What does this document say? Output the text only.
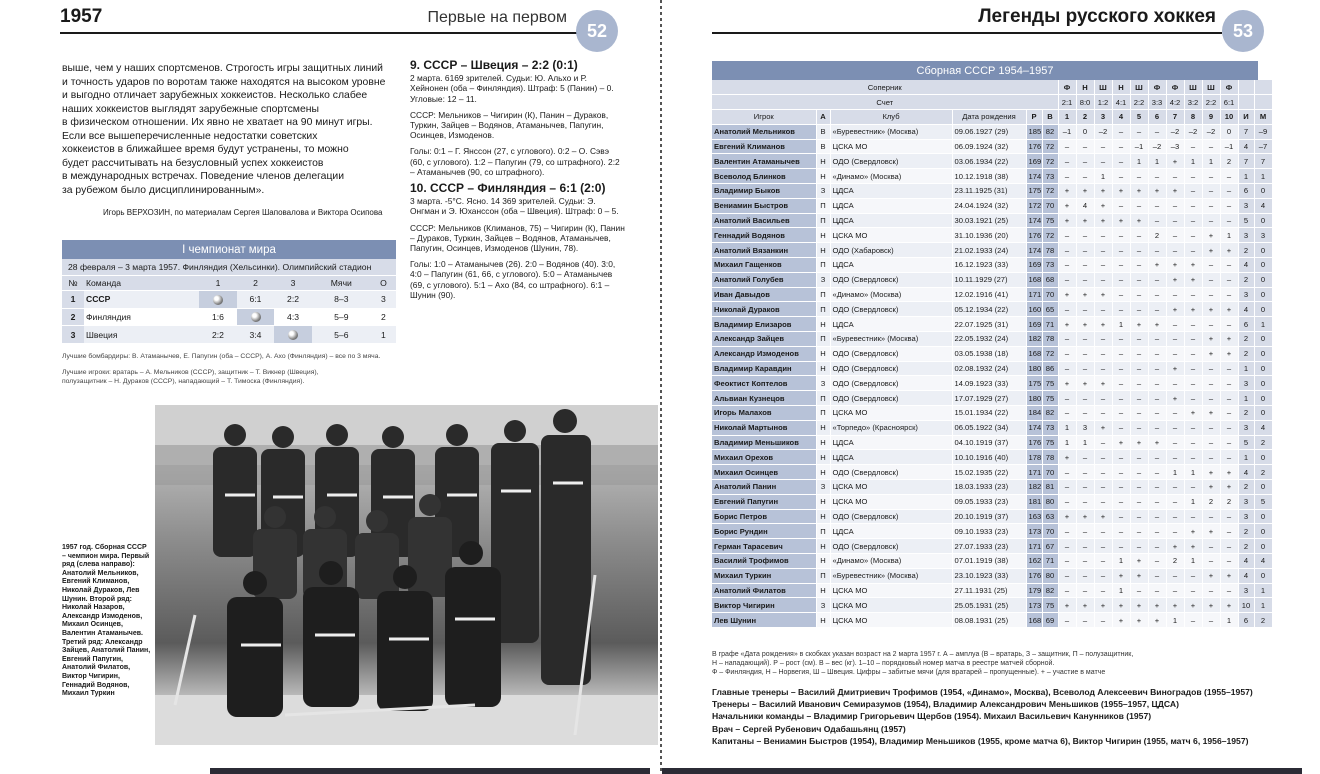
1957	Первые на первом
52

выше, чем у наших спортсменов. Строгость игры защитных линий

и точность ударов по воротам также находятся на высоком уровне

и выгодно отличает зарубежных хоккеистов. Несколько слабее

наших хоккеистов выглядят зарубежные спортсмены

в физическом отношении. Их явно не хватает на 90 минут игры.

Если все вышеперечисленные недостатки советских

хоккеистов в ближайшее время будут устранены, то можно

будет рассчитывать на безусловный успех хоккеистов

в международных встречах. Поведение членов делегации

за рубежом было дисциплинированным».

Игорь ВЕРХОЗИН, по материалам Сергея Шаповалова и Виктора Осипова
9. СССР – Швеция – 2:2 (0:1)

2 марта. 6169 зрителей. Судьи: Ю. Альхо и Р. Хейнонен (оба – Финляндия). Штраф: 5 (Панин) – 0. Угловые: 12 – 11.

СССР: Мельников – Чигирин (К), Панин – Дураков, Туркин, Зайцев – Водянов, Атаманычев, Папугин, Осинцев, Измоденов.

Голы: 0:1 – Г. Янссон (27, с углового). 0:2 – О. Сэвэ (60, с углового). 1:2 – Папугин (79, со штрафного). 2:2 – Атаманычев (90, со штрафного).

10. СССР – Финляндия – 6:1 (2:0)

3 марта. -5°С. Ясно. 14 369 зрителей. Судьи: Э. Онгман и Э. Юхансcон (оба – Швеция). Штраф: 0 – 5.

СССР: Мельников (Климанов, 75) – Чигирин (К), Панин – Дураков, Туркин, Зайцев – Водянов, Атаманычев, Папугин, Осинцев, Измоденов (Шунин, 78).

Голы: 1:0 – Атаманычев (26). 2:0 – Водянов (40). 3:0, 4:0 – Папугин (61, 66, с углового). 5:0 – Атаманычев (69, с углового). 5:1 – Ахо (84, со штрафного). 6:1 – Шунин (90).

I чемпионат мира
28 февраля – 3 марта 1957. Финляндия (Хельсинки). Олимпийский стадион
№	Команда	1	2	3	Мячи	О
1	СССР		6:1	2:2	8–3	3
2	Финляндия	1:6		4:3	5–9	2
3	Швеция	2:2	3:4		5–6	1
Лучшие бомбардиры: В. Атаманычев, Е. Папугин (оба – СССР), А. Ахо (Финляндия) – все по 3 мяча.
Лучшие игроки: вратарь – А. Мельников (СССР), защитник – Т. Викнер (Швеция), полузащитник – Н. Дураков (СССР), нападающий – Т. Тимоска (Финляндия).
1957 год. Сборная СССР – чемпион мира. Первый ряд (слева направо): Анатолий Мельников, Евгений Климанов, Николай Дураков, Лев Шунин. Второй ряд: Николай Назаров, Александр Измоденов, Михаил Осинцев, Валентин Атаманычев. Третий ряд: Александр Зайцев, Анатолий Панин, Евгений Папугин, Анатолий Филатов, Виктор Чигирин, Геннадий Водянов, Михаил Туркин
Легенды русского хоккея
53
Сборная СССР 1954–1957
Соперник						Ф	Н	Ш	Н	Ш	Ф	Ф	Ш	Ш	Ф		
Счет						2:1	8:0	1:2	4:1	2:2	3:3	4:2	3:2	2:2	6:1		
Игрок	А	Клуб	Дата рождения	Р	В	1	2	3	4	5	6	7	8	9	10	И	М
Анатолий Мельников	В	«Буревестник» (Москва)	09.06.1927 (29)	185	82	–1	0	–2	–	–	–	–2	–2	–2	0	7	–9
Евгений Климанов	В	ЦСКА МО	06.09.1924 (32)	176	72	–	–	–	–	–1	–2	–3	–	–	–1	4	–7
Валентин Атаманычев	Н	ОДО (Свердловск)	03.06.1934 (22)	169	72	–	–	–	–	1	1	+	1	1	2	7	7
Всеволод Блинков	Н	«Динамо» (Москва)	10.12.1918 (38)	174	73	–	–	1	–	–	–	–	–	–	–	1	1
Владимир Быков	З	ЦДСА	23.11.1925 (31)	175	72	+	+	+	+	+	+	+	–	–	–	6	0
Вениамин Быстров	П	ЦДСА	24.04.1924 (32)	172	70	+	4	+	–	–	–	–	–	–	–	3	4
Анатолий Васильев	П	ЦДСА	30.03.1921 (25)	174	75	+	+	+	+	+	–	–	–	–	–	5	0
Геннадий Водянов	Н	ЦСКА МО	31.10.1936 (20)	176	72	–	–	–	–	–	2	–	–	+	1	3	3
Анатолий Вязанкин	Н	ОДО (Хабаровск)	21.02.1933 (24)	174	78	–	–	–	–	–	–	–	–	+	+	2	0
Михаил Гащенков	П	ЦДСА	16.12.1923 (33)	169	73	–	–	–	–	–	+	+	+	–	–	4	0
Анатолий Голубев	З	ОДО (Свердловск)	10.11.1929 (27)	168	68	–	–	–	–	–	–	+	+	–	–	2	0
Иван Давыдов	П	«Динамо» (Москва)	12.02.1916 (41)	171	70	+	+	+	–	–	–	–	–	–	–	3	0
Николай Дураков	П	ОДО (Свердловск)	05.12.1934 (22)	160	65	–	–	–	–	–	–	+	+	+	+	4	0
Владимир Елизаров	Н	ЦДСА	22.07.1925 (31)	169	71	+	+	+	1	+	+	–	–	–	–	6	1
Александр Зайцев	П	«Буревестник» (Москва)	22.05.1932 (24)	182	78	–	–	–	–	–	–	–	–	+	+	2	0
Александр Измоденов	Н	ОДО (Свердловск)	03.05.1938 (18)	168	72	–	–	–	–	–	–	–	–	+	+	2	0
Владимир Каравдин	Н	ОДО (Свердловск)	02.08.1932 (24)	180	86	–	–	–	–	–	–	+	–	–	–	1	0
Феоктист Коптелов	З	ОДО (Свердловск)	14.09.1923 (33)	175	75	+	+	+	–	–	–	–	–	–	–	3	0
Альвиан Кузнецов	П	ОДО (Свердловск)	17.07.1929 (27)	180	75	–	–	–	–	–	–	+	–	–	–	1	0
Игорь Малахов	П	ЦСКА МО	15.01.1934 (22)	184	82	–	–	–	–	–	–	–	+	+	–	2	0
Николай Мартынов	Н	«Торпедо» (Красноярск)	06.05.1922 (34)	174	73	1	3	+	–	–	–	–	–	–	–	3	4
Владимир Меньшиков	Н	ЦДСА	04.10.1919 (37)	176	75	1	1	–	+	+	+	–	–	–	–	5	2
Михаил Орехов	Н	ЦДСА	10.10.1916 (40)	178	78	+	–	–	–	–	–	–	–	–	–	1	0
Михаил Осинцев	Н	ОДО (Свердловск)	15.02.1935 (22)	171	70	–	–	–	–	–	–	1	1	+	+	4	2
Анатолий Панин	З	ЦСКА МО	18.03.1933 (23)	182	81	–	–	–	–	–	–	–	–	+	+	2	0
Евгений Папугин	Н	ЦСКА МО	09.05.1933 (23)	181	80	–	–	–	–	–	–	–	1	2	2	3	5
Борис Петров	Н	ОДО (Свердловск)	20.10.1919 (37)	163	63	+	+	+	–	–	–	–	–	–	–	3	0
Борис Рундин	П	ЦДСА	09.10.1933 (23)	173	70	–	–	–	–	–	–	–	+	+	–	2	0
Герман Тарасевич	Н	ОДО (Свердловск)	27.07.1933 (23)	171	67	–	–	–	–	–	–	+	+	–	–	2	0
Василий Трофимов	Н	«Динамо» (Москва)	07.01.1919 (38)	162	71	–	–	–	1	+	–	2	1	–	–	4	4
Михаил Туркин	П	«Буревестник» (Москва)	23.10.1923 (33)	176	80	–	–	–	+	+	–	–	–	+	+	4	0
Анатолий Филатов	Н	ЦСКА МО	27.11.1931 (25)	179	82	–	–	–	1	–	–	–	–	–	–	3	1
Виктор Чигирин	З	ЦСКА МО	25.05.1931 (25)	173	75	+	+	+	+	+	+	+	+	+	+	10	1
Лев Шунин	Н	ЦСКА МО	08.08.1931 (25)	168	69	–	–	–	+	+	+	1	–	–	1	6	2
В графе «Дата рождения» в скобках указан возраст на 2 марта 1957 г. А – амплуа (В – вратарь, З – защитник, П – полузащитник,
Н – нападающий). Р – рост (см). В – вес (кг). 1–10 – порядковый номер матча в реестре матчей сборной.
Ф – Финляндия, Н – Норвегия, Ш – Швеция. Цифры – забитые мячи (для вратарей – пропущенные). + – участие в матче
Главные тренеры – Василий Дмитриевич Трофимов (1954, «Динамо», Москва), Всеволод Алексеевич Виноградов (1955–1957)
Тренеры – Василий Иванович Семиразумов (1954), Владимир Александрович Меньшиков (1955–1957, ЦДСА)
Начальники команды – Владимир Григорьевич Щербов (1954). Михаил Васильевич Канунников (1957)
Врач – Сергей Рубенович Одабашьянц (1957)
Капитаны – Вениамин Быстров (1954), Владимир Меньшиков (1955, кроме матча 6), Виктор Чигирин (1955, матч 6, 1956–1957)
